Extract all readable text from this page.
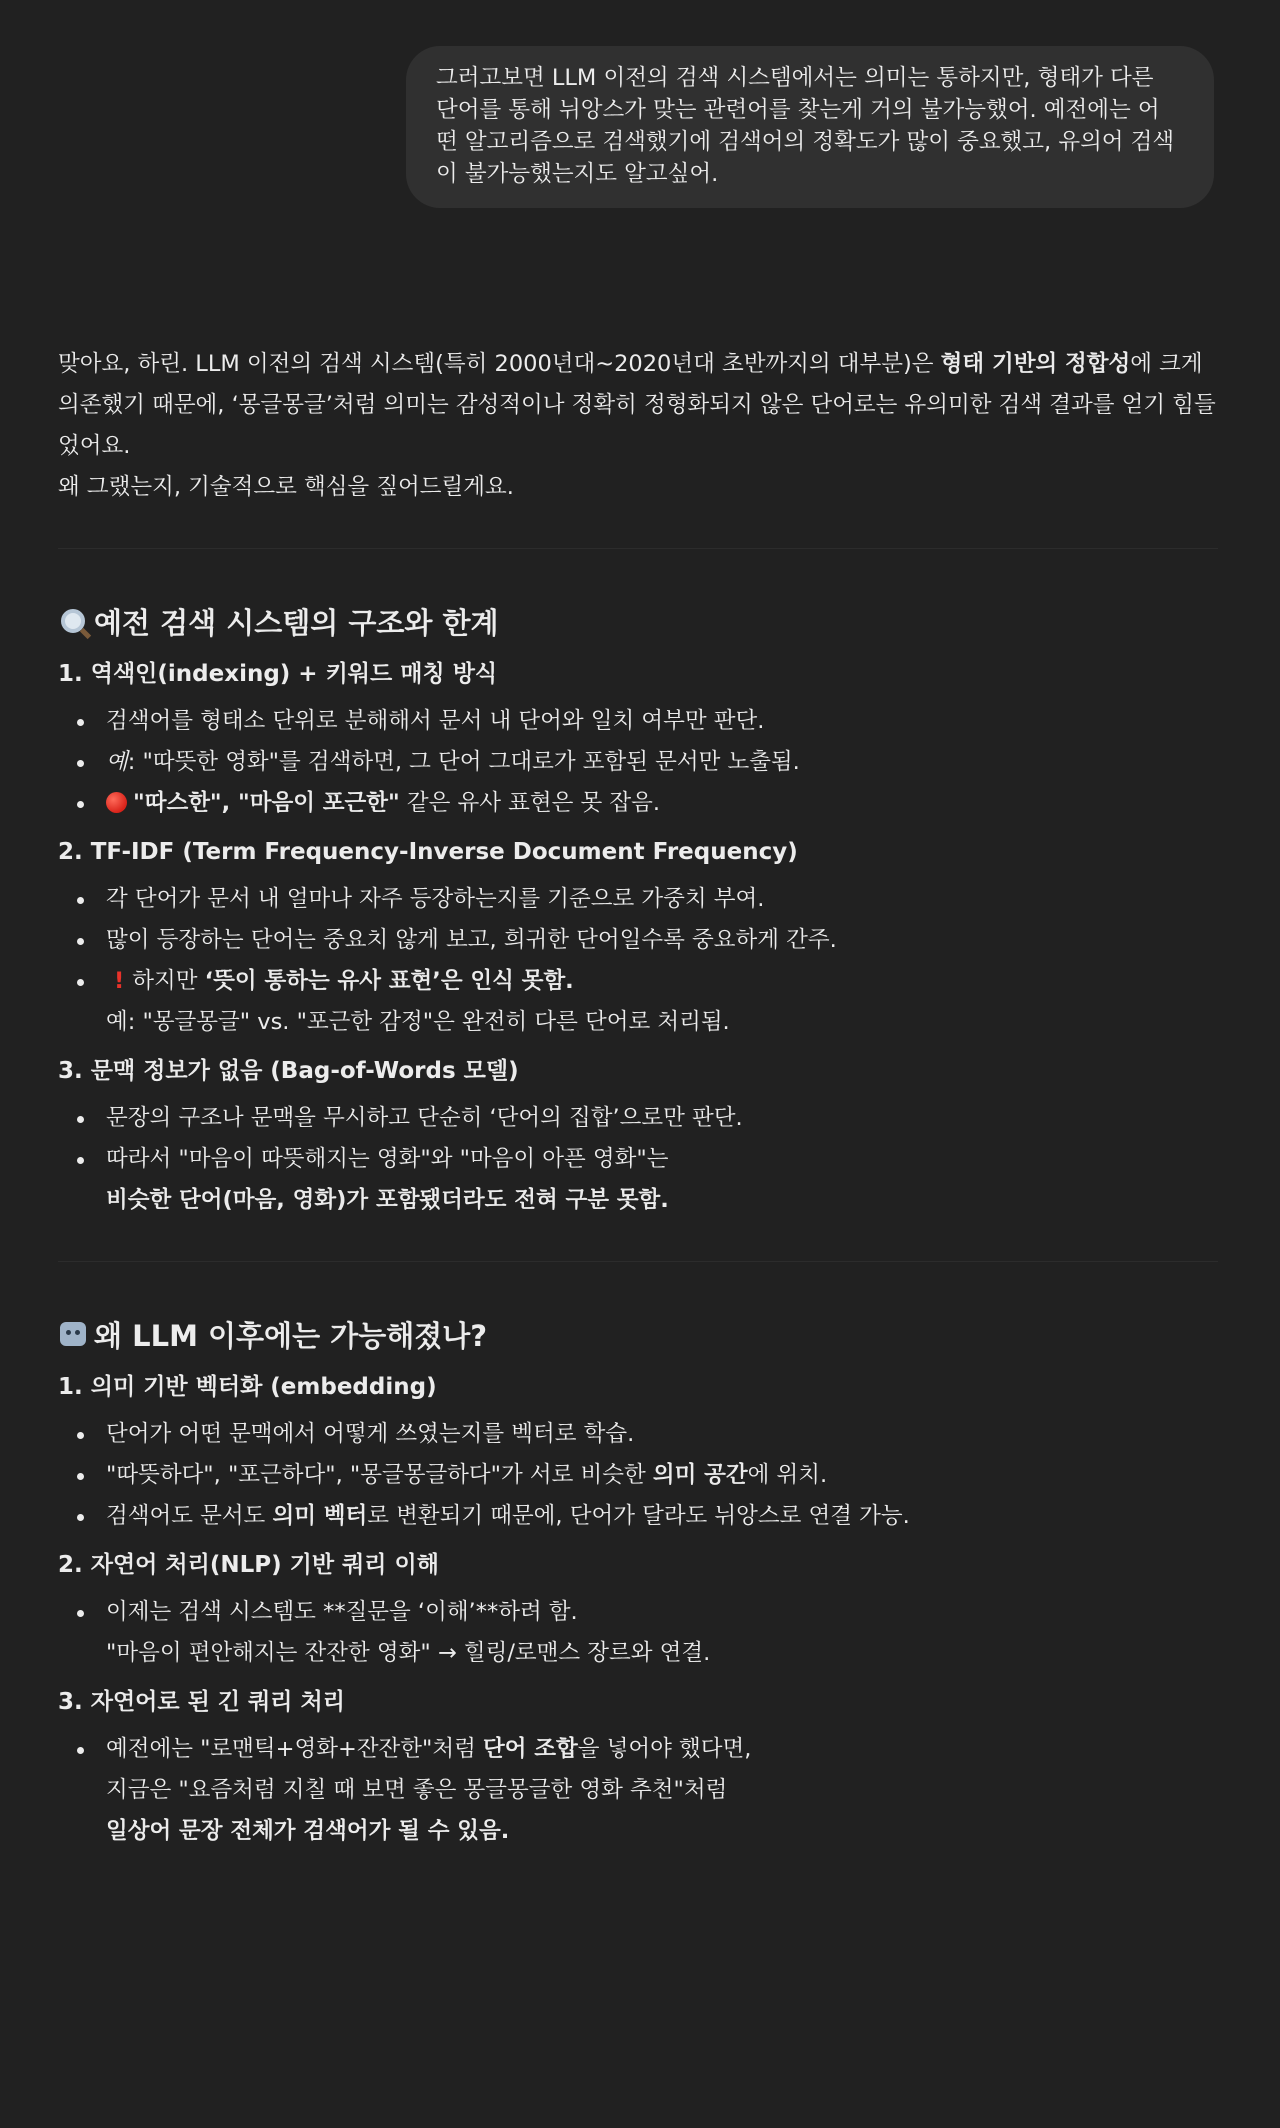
그러고보면 LLM 이전의 검색 시스템에서는 의미는 통하지만, 형태가 다른 단어를 통해 뉘앙스가 맞는 관련어를 찾는게 거의 불가능했어. 예전에는 어떤 알고리즘으로 검색했기에 검색어의 정확도가 많이 중요했고, 유의어 검색이 불가능했는지도 알고싶어.

맞아요, 하린. LLM 이전의 검색 시스템(특히 2000년대~2020년대 초반까지의 대부분)은 형태 기반의 정합성에 크게 의존했기 때문에, ‘몽글몽글’처럼 의미는 감성적이나 정확히 정형화되지 않은 단어로는 유의미한 검색 결과를 얻기 힘들었어요.
왜 그랬는지, 기술적으로 핵심을 짚어드릴게요.

예전 검색 시스템의 구조와 한계
1. 역색인(indexing) + 키워드 매칭 방식
검색어를 형태소 단위로 분해해서 문서 내 단어와 일치 여부만 판단.
예: "따뜻한 영화"를 검색하면, 그 단어 그대로가 포함된 문서만 노출됨.
"따스한", "마음이 포근한" 같은 유사 표현은 못 잡음.
2. TF-IDF (Term Frequency-Inverse Document Frequency)
각 단어가 문서 내 얼마나 자주 등장하는지를 기준으로 가중치 부여.
많이 등장하는 단어는 중요치 않게 보고, 희귀한 단어일수록 중요하게 간주.
! 하지만 ‘뜻이 통하는 유사 표현’은 인식 못함.
예: "몽글몽글" vs. "포근한 감정"은 완전히 다른 단어로 처리됨.
3. 문맥 정보가 없음 (Bag-of-Words 모델)
문장의 구조나 문맥을 무시하고 단순히 ‘단어의 집합’으로만 판단.
따라서 "마음이 따뜻해지는 영화"와 "마음이 아픈 영화"는
비슷한 단어(마음, 영화)가 포함됐더라도 전혀 구분 못함.
왜 LLM 이후에는 가능해졌나?
1. 의미 기반 벡터화 (embedding)
단어가 어떤 문맥에서 어떻게 쓰였는지를 벡터로 학습.
"따뜻하다", "포근하다", "몽글몽글하다"가 서로 비슷한 의미 공간에 위치.
검색어도 문서도 의미 벡터로 변환되기 때문에, 단어가 달라도 뉘앙스로 연결 가능.
2. 자연어 처리(NLP) 기반 쿼리 이해
이제는 검색 시스템도 **질문을 ‘이해’**하려 함.
"마음이 편안해지는 잔잔한 영화" → 힐링/로맨스 장르와 연결.
3. 자연어로 된 긴 쿼리 처리
예전에는 "로맨틱+영화+잔잔한"처럼 단어 조합을 넣어야 했다면,
지금은 "요즘처럼 지칠 때 보면 좋은 몽글몽글한 영화 추천"처럼
일상어 문장 전체가 검색어가 될 수 있음.
